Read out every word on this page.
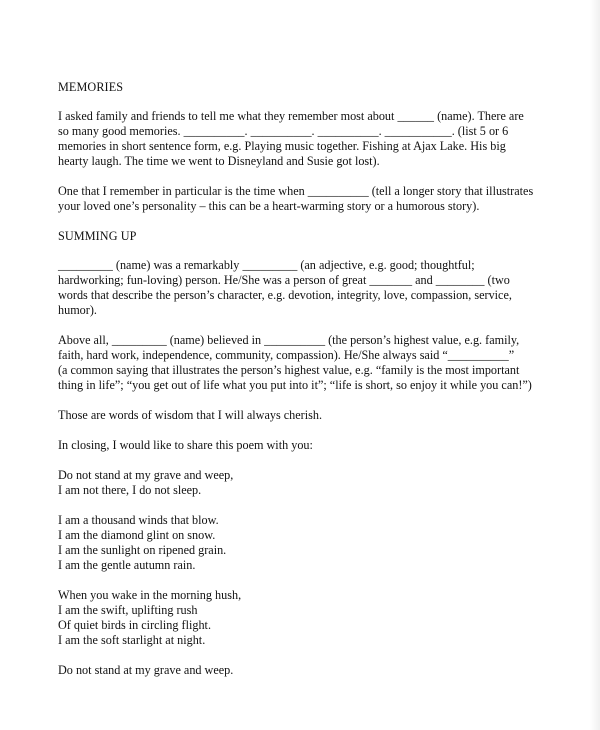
MEMORIES
I asked family and friends to tell me what they remember most about ______ (name). There are
so many good memories. __________. __________. __________. ___________. (list 5 or 6
memories in short sentence form, e.g. Playing music together. Fishing at Ajax Lake. His big
hearty laugh. The time we went to Disneyland and Susie got lost).
One that I remember in particular is the time when __________ (tell a longer story that illustrates
your loved one’s personality – this can be a heart-warming story or a humorous story).
SUMMING UP
_________ (name) was a remarkably _________ (an adjective, e.g. good; thoughtful;
hardworking; fun-loving) person. He/She was a person of great _______ and ________ (two
words that describe the person’s character, e.g. devotion, integrity, love, compassion, service,
humor).
Above all, _________ (name) believed in __________ (the person’s highest value, e.g. family,
faith, hard work, independence, community, compassion). He/She always said “__________”
(a common saying that illustrates the person’s highest value, e.g. “family is the most important
thing in life”; “you get out of life what you put into it”; “life is short, so enjoy it while you can!”)
Those are words of wisdom that I will always cherish.
In closing, I would like to share this poem with you:
Do not stand at my grave and weep,
I am not there, I do not sleep.
I am a thousand winds that blow.
I am the diamond glint on snow.
I am the sunlight on ripened grain.
I am the gentle autumn rain.
When you wake in the morning hush,
I am the swift, uplifting rush
Of quiet birds in circling flight.
I am the soft starlight at night.
Do not stand at my grave and weep.
